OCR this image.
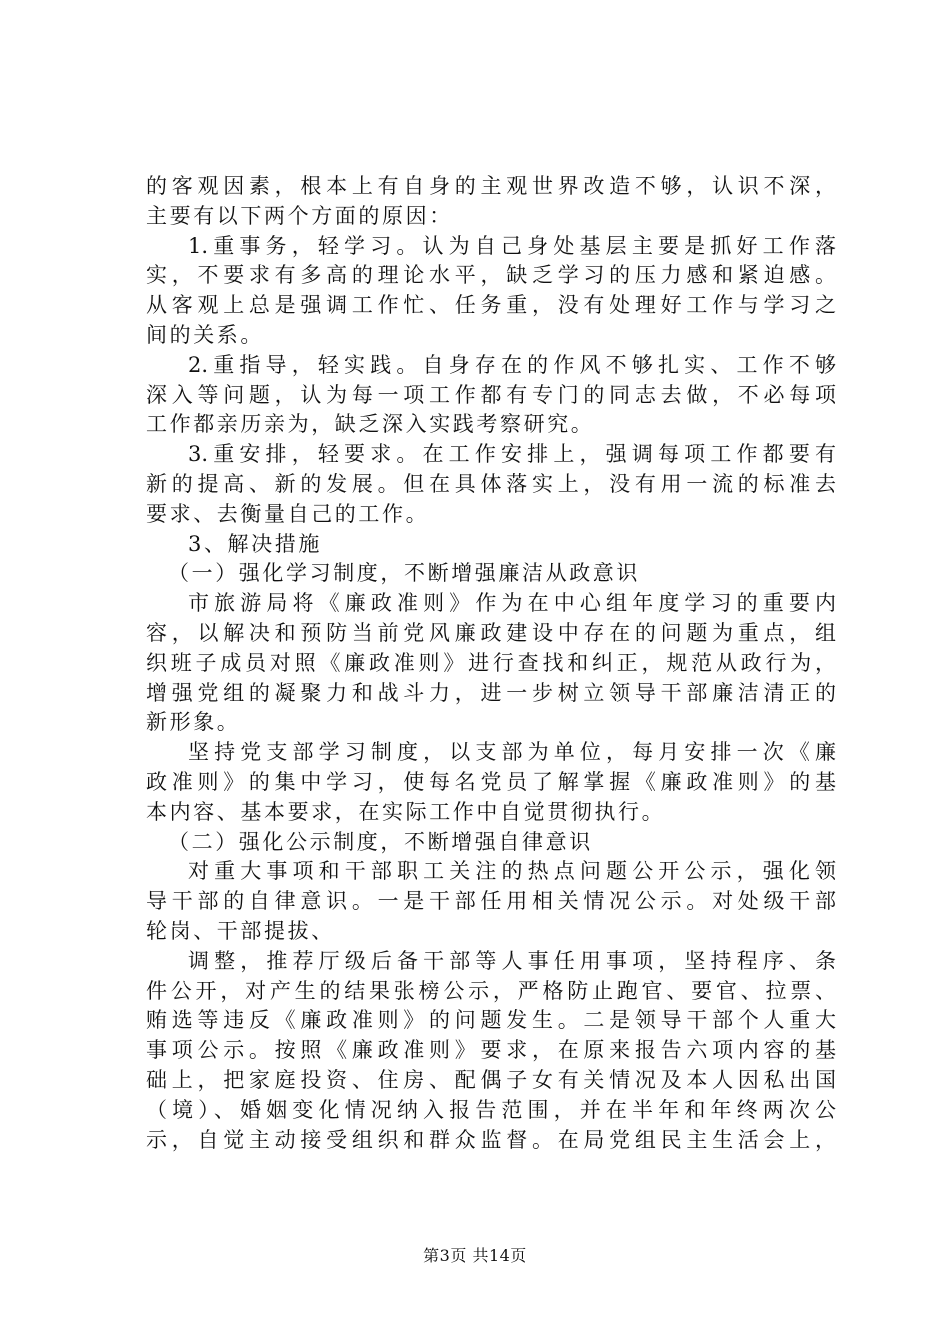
的客观因素，根本上有自身的主观世界改造不够，认识不深，
主要有以下两个方面的原因：
1.重事务，轻学习。认为自己身处基层主要是抓好工作落
实，不要求有多高的理论水平，缺乏学习的压力感和紧迫感。
从客观上总是强调工作忙、任务重，没有处理好工作与学习之
间的关系。
2.重指导，轻实践。自身存在的作风不够扎实、工作不够
深入等问题，认为每一项工作都有专门的同志去做，不必每项
工作都亲历亲为，缺乏深入实践考察研究。
3.重安排，轻要求。在工作安排上，强调每项工作都要有
新的提高、新的发展。但在具体落实上，没有用一流的标准去
要求、去衡量自己的工作。
3、解决措施
（一）强化学习制度，不断增强廉洁从政意识
市旅游局将《廉政准则》作为在中心组年度学习的重要内
容，以解决和预防当前党风廉政建设中存在的问题为重点，组
织班子成员对照《廉政准则》进行查找和纠正，规范从政行为，
增强党组的凝聚力和战斗力，进一步树立领导干部廉洁清正的
新形象。
坚持党支部学习制度，以支部为单位，每月安排一次《廉
政准则》的集中学习，使每名党员了解掌握《廉政准则》的基
本内容、基本要求，在实际工作中自觉贯彻执行。
（二）强化公示制度，不断增强自律意识
对重大事项和干部职工关注的热点问题公开公示，强化领
导干部的自律意识。一是干部任用相关情况公示。对处级干部
轮岗、干部提拔、
调整，推荐厅级后备干部等人事任用事项，坚持程序、条
件公开，对产生的结果张榜公示，严格防止跑官、要官、拉票、
贿选等违反《廉政准则》的问题发生。二是领导干部个人重大
事项公示。按照《廉政准则》要求，在原来报告六项内容的基
础上，把家庭投资、住房、配偶子女有关情况及本人因私出国
（境）、婚姻变化情况纳入报告范围，并在半年和年终两次公
示，自觉主动接受组织和群众监督。在局党组民主生活会上，
第3页 共14页
